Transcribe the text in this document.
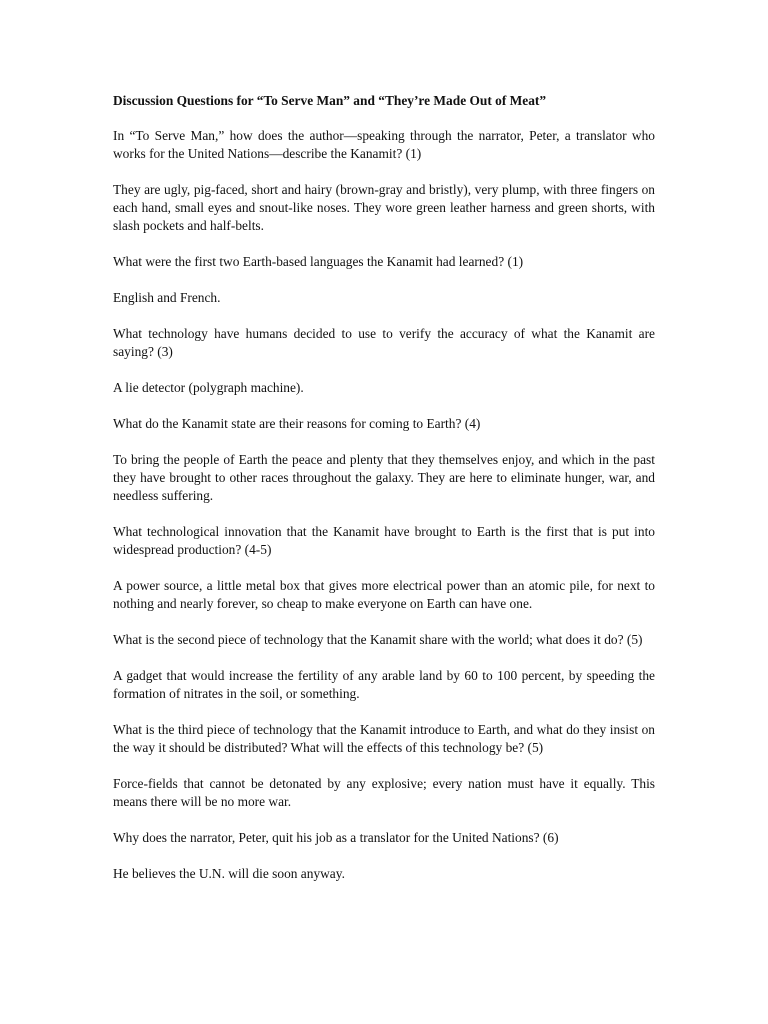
Discussion Questions for “To Serve Man” and “They’re Made Out of Meat”

In “To Serve Man,” how does the author—speaking through the narrator, Peter, a translator who works for the United Nations—describe the Kanamit? (1)

They are ugly, pig-faced, short and hairy (brown-gray and bristly), very plump, with three fingers on each hand, small eyes and snout-like noses. They wore green leather harness and green shorts, with slash pockets and half-belts.

What were the first two Earth-based languages the Kanamit had learned? (1)

English and French.

What technology have humans decided to use to verify the accuracy of what the Kanamit are saying? (3)

A lie detector (polygraph machine).

What do the Kanamit state are their reasons for coming to Earth? (4)

To bring the people of Earth the peace and plenty that they themselves enjoy, and which in the past they have brought to other races throughout the galaxy. They are here to eliminate hunger, war, and needless suffering.

What technological innovation that the Kanamit have brought to Earth is the first that is put into widespread production? (4-5)

A power source, a little metal box that gives more electrical power than an atomic pile, for next to nothing and nearly forever, so cheap to make everyone on Earth can have one.

What is the second piece of technology that the Kanamit share with the world; what does it do? (5)

A gadget that would increase the fertility of any arable land by 60 to 100 percent, by speeding the formation of nitrates in the soil, or something.

What is the third piece of technology that the Kanamit introduce to Earth, and what do they insist on the way it should be distributed? What will the effects of this technology be? (5)

Force-fields that cannot be detonated by any explosive; every nation must have it equally. This means there will be no more war.

Why does the narrator, Peter, quit his job as a translator for the United Nations? (6)

He believes the U.N. will die soon anyway.
